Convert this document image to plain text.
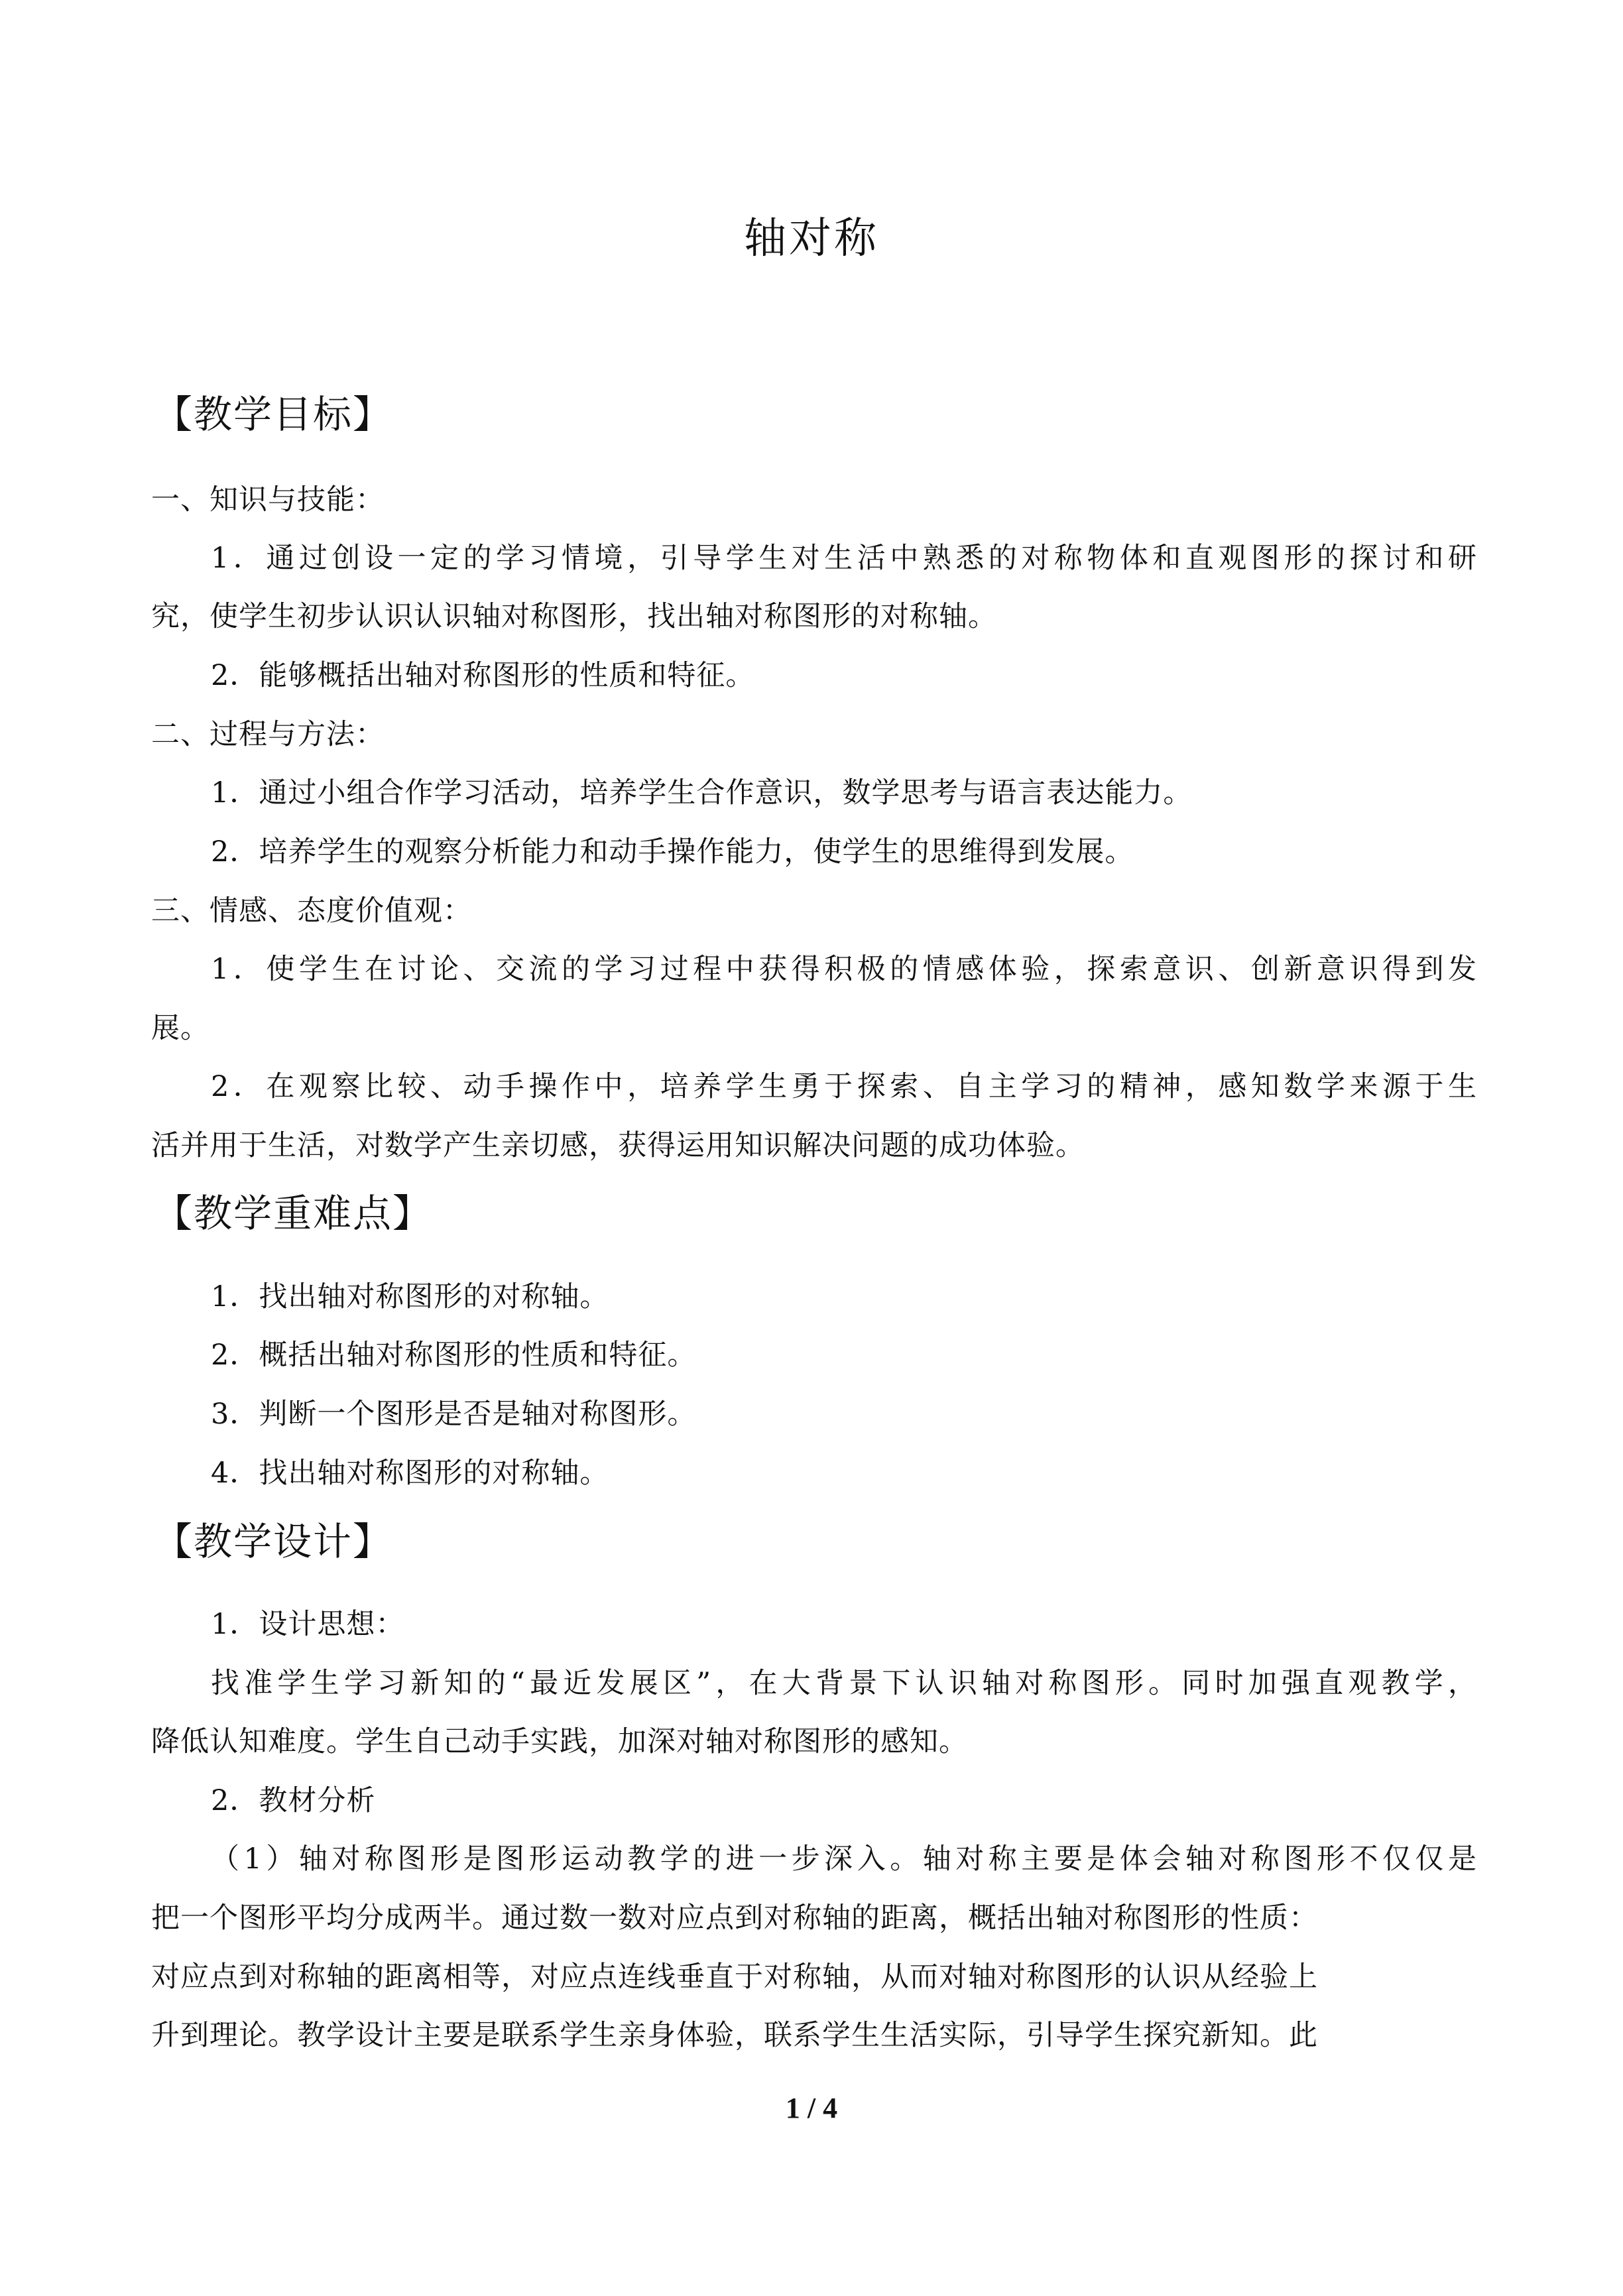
轴对称
【教学目标】
一、知识与技能：
1．通过创设一定的学习情境，引导学生对生活中熟悉的对称物体和直观图形的探讨和研
究，使学生初步认识认识轴对称图形，找出轴对称图形的对称轴。
2．能够概括出轴对称图形的性质和特征。
二、过程与方法：
1．通过小组合作学习活动，培养学生合作意识，数学思考与语言表达能力。
2．培养学生的观察分析能力和动手操作能力，使学生的思维得到发展。
三、情感、态度价值观：
1．使学生在讨论、交流的学习过程中获得积极的情感体验，探索意识、创新意识得到发
展。
2．在观察比较、动手操作中，培养学生勇于探索、自主学习的精神，感知数学来源于生
活并用于生活，对数学产生亲切感，获得运用知识解决问题的成功体验。
【教学重难点】
1．找出轴对称图形的对称轴。
2．概括出轴对称图形的性质和特征。
3．判断一个图形是否是轴对称图形。
4．找出轴对称图形的对称轴。
【教学设计】
1．设计思想：
找准学生学习新知的“最近发展区”，在大背景下认识轴对称图形。同时加强直观教学，
降低认知难度。学生自己动手实践，加深对轴对称图形的感知。
2．教材分析
（1）轴对称图形是图形运动教学的进一步深入。轴对称主要是体会轴对称图形不仅仅是
把一个图形平均分成两半。通过数一数对应点到对称轴的距离，概括出轴对称图形的性质：
对应点到对称轴的距离相等，对应点连线垂直于对称轴，从而对轴对称图形的认识从经验上
升到理论。教学设计主要是联系学生亲身体验，联系学生生活实际，引导学生探究新知。此
1 / 4
